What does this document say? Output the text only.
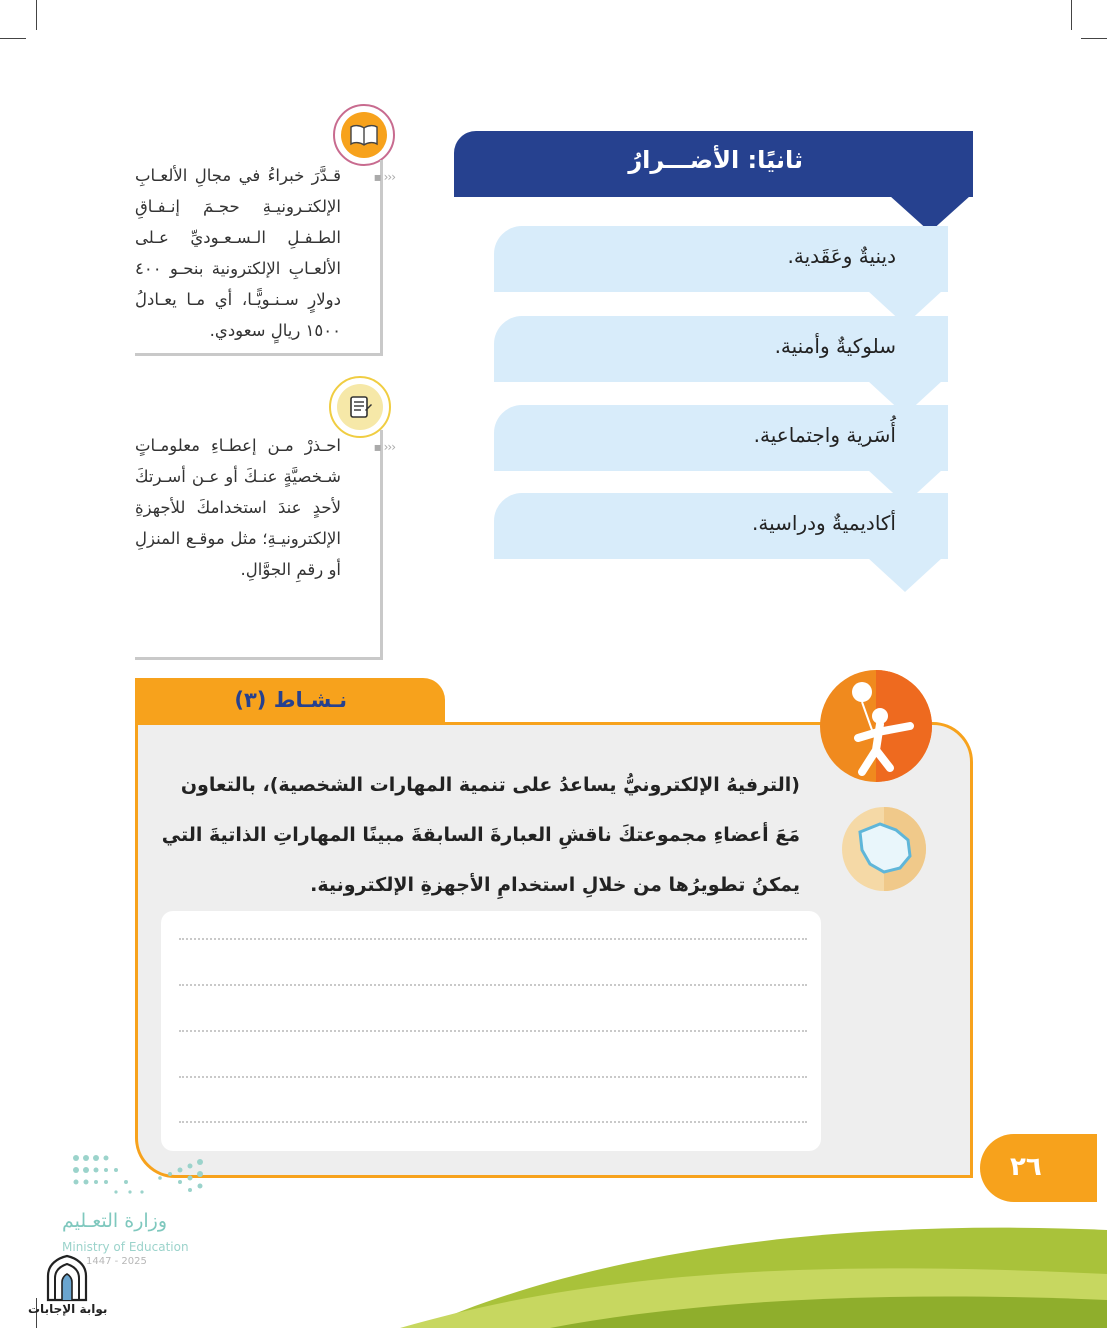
ثانيًا: الأضـــرارُ
دينيةٌ وعَقَدية.
سلوكيةٌ وأمنية.
أُسَرية واجتماعية.
أكاديميةٌ ودراسية.
‹‹‹ ▪
قـدَّرَ خبراءُ في مجالِ الألعـابِ الإلكتـرونيـةِ حجـمَ إنـفـاقِ الطـفـلِ الـسـعـوديِّ عـلى الألعـابِ الإلكترونية بنحـو ٤٠٠ دولارٍ سـنـويًّـا، أي مـا يعـادلُ ١٥٠٠ ريالٍ سعودي.
‹‹‹ ▪
احـذرْ مـن إعطـاءِ معلومـاتٍ شـخصيَّةٍ عنـكَ أو عـن أسـرتكَ لأحدٍ عندَ استخدامكَ للأجهزةِ الإلكترونيـةِ؛ مثل موقـع المنزلِ أو رقمِ الجوَّالِ.
نـشـاط (٣)
(الترفيهُ الإلكترونيُّ يساعدُ على تنمية المهارات الشخصية)، بالتعاون مَعَ أعضاءِ مجموعتكَ ناقشِ العبارةَ السابقةَ مبينًا المهاراتِ الذاتيةَ التي يمكنُ تطويرُها من خلالِ استخدامِ الأجهزةِ الإلكترونية.
٢٦
وزارة التعـليم
Ministry of Education
2025 - 1447
بوابة الإجابات
